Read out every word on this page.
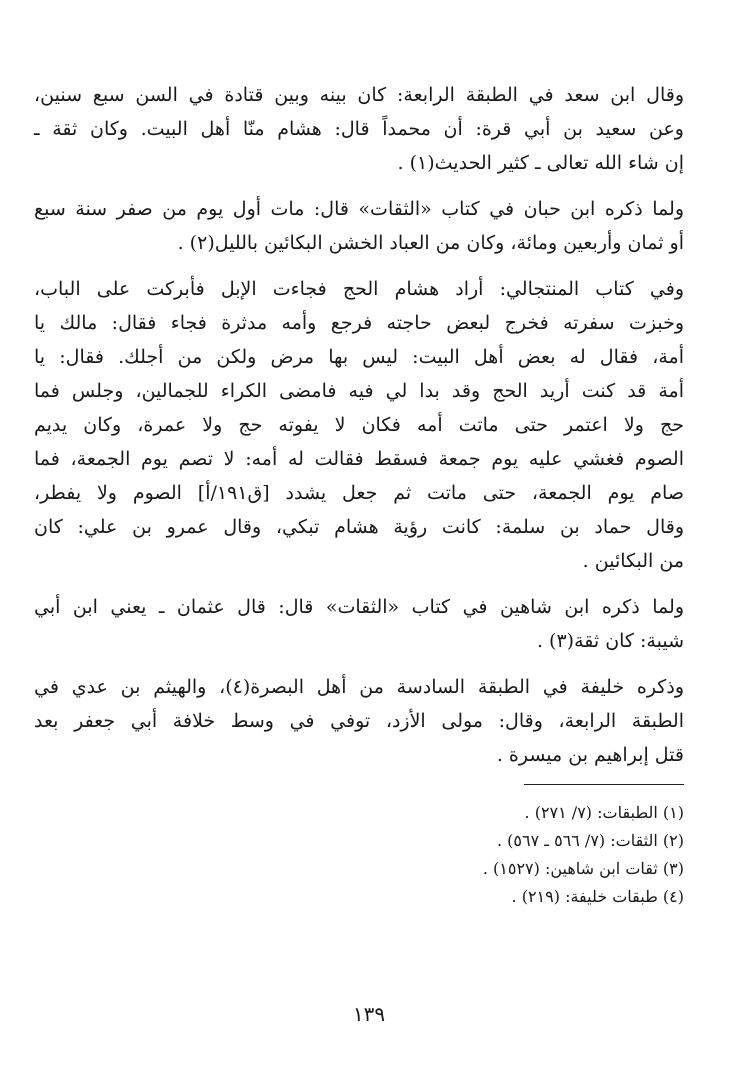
وقال ابن سعد في الطبقة الرابعة: كان بينه وبين قتادة في السن سبع سنين،
وعن سعيد بن أبي قرة: أن محمداً قال: هشام منّا أهل البيت. وكان ثقة ـ
إن شاء الله تعالى ـ كثير الحديث(١) .
ولما ذكره ابن حبان في كتاب «الثقات» قال: مات أول يوم من صفر سنة سبع
أو ثمان وأربعين ومائة، وكان من العباد الخشن البكائين بالليل(٢) .
وفي كتاب المنتجالي: أراد هشام الحج فجاءت الإبل فأبركت على الباب،
وخبزت سفرته فخرج لبعض حاجته فرجع وأمه مدثرة فجاء فقال: مالك يا
أمة، فقال له بعض أهل البيت: ليس بها مرض ولكن من أجلك. فقال: يا
أمة قد كنت أريد الحج وقد بدا لي فيه فامضى الكراء للجمالين، وجلس فما
حج ولا اعتمر حتى ماتت أمه فكان لا يفوته حج ولا عمرة، وكان يديم
الصوم فغشي عليه يوم جمعة فسقط فقالت له أمه: لا تصم يوم الجمعة، فما
صام يوم الجمعة، حتى ماتت ثم جعل يشدد [ق١٩١/أ] الصوم ولا يفطر،
وقال حماد بن سلمة: كانت رؤية هشام تبكي، وقال عمرو بن علي: كان
من البكائين .
ولما ذكره ابن شاهين في كتاب «الثقات» قال: قال عثمان ـ يعني ابن أبي
شيبة: كان ثقة(٣) .
وذكره خليفة في الطبقة السادسة من أهل البصرة(٤)، والهيثم بن عدي في
الطبقة الرابعة، وقال: مولى الأزد، توفي في وسط خلافة أبي جعفر بعد
قتل إبراهيم بن ميسرة .
(١) الطبقات: (٧/ ٢٧١) .
(٢) الثقات: (٧/ ٥٦٦ ـ ٥٦٧) .
(٣) ثقات ابن شاهين: (١٥٢٧) .
(٤) طبقات خليفة: (٢١٩) .
١٣٩
